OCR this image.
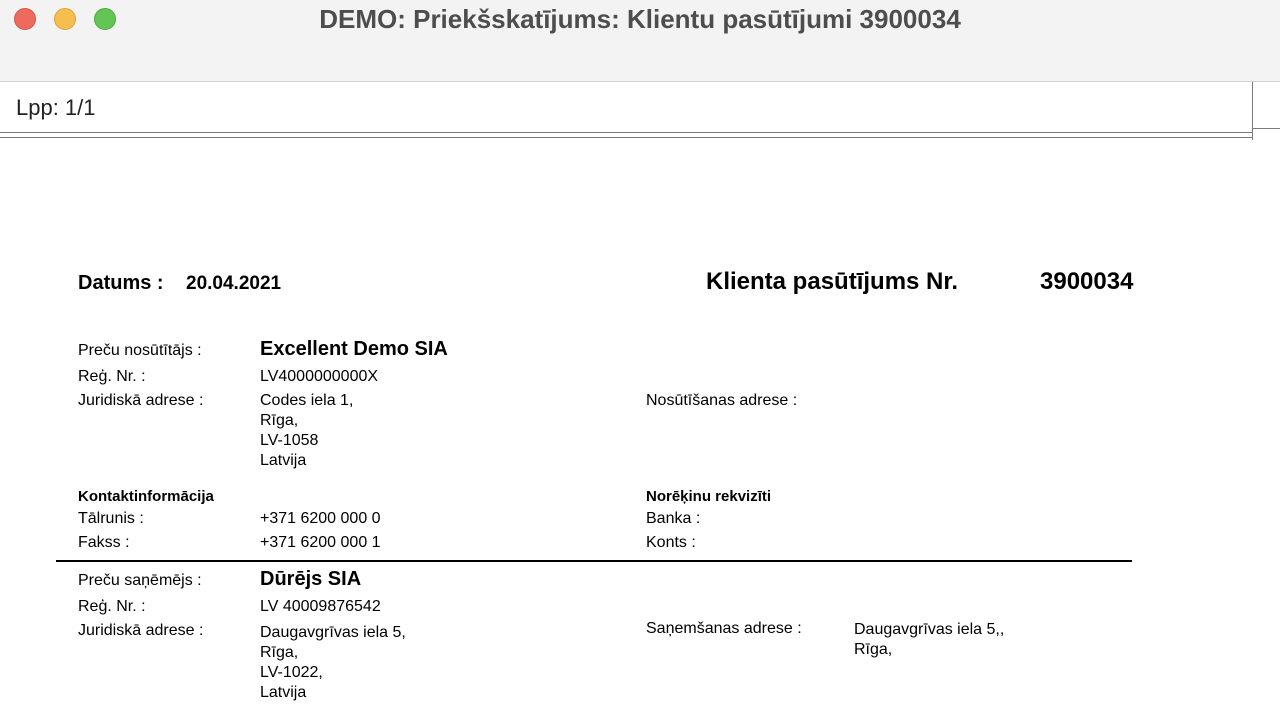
DEMO: Priekšskatījums: Klientu pasūtījumi 3900034
Lpp: 1/1
Datums : 20.04.2021	Klienta pasūtījums Nr.	3900034
Preču nosūtītājs :	Excellent Demo SIA
Reģ. Nr. :	LV4000000000X
Juridiskā adrese :	Codes iela 1,
Rīga,
LV-1058
Latvija
Nosūtīšanas adrese :
Kontaktinformācija
Tālrunis :	+371 6200 000 0
Fakss :	+371 6200 000 1
Norēķinu rekvizīti
Banka :
Konts :
Preču saņēmējs :	Dūrējs SIA
Reģ. Nr. :	LV 40009876542
Juridiskā adrese :	Daugavgrīvas iela 5,
Rīga,
LV-1022,
Latvija
Saņemšanas adrese :	Daugavgrīvas iela 5,,
Rīga,
